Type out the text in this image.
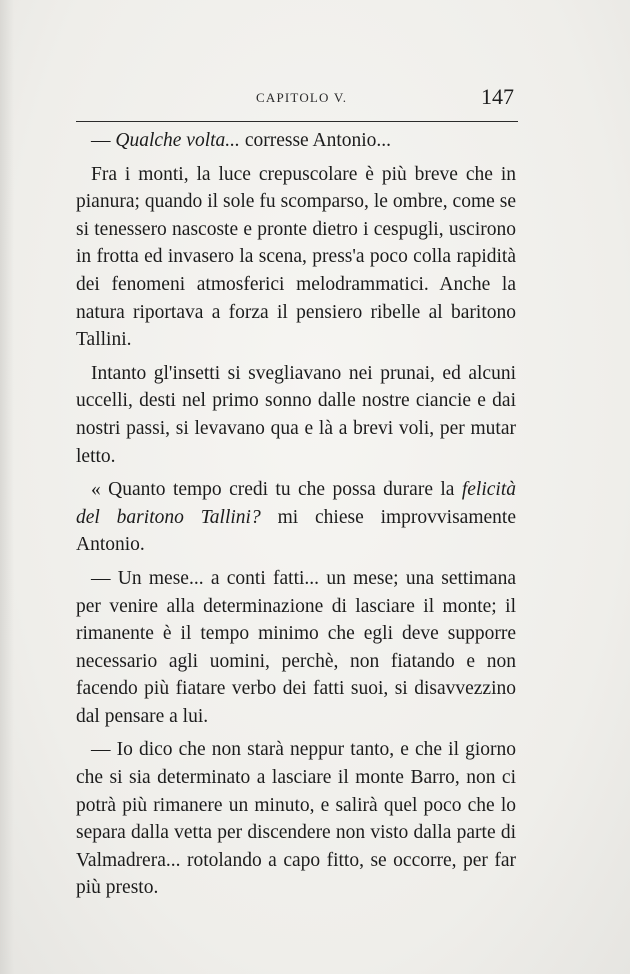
CAPITOLO V.	147

— Qualche volta... corresse Antonio...

Fra i monti, la luce crepuscolare è più breve che in pianura; quando il sole fu scomparso, le ombre, come se si tenessero nascoste e pronte dietro i cespugli, uscirono in frotta ed invasero la scena, press'a poco colla rapidità dei fenomeni atmosferici melodrammatici. Anche la natura riportava a forza il pensiero ribelle al baritono Tallini.

Intanto gl'insetti si svegliavano nei prunai, ed alcuni uccelli, desti nel primo sonno dalle nostre ciancie e dai nostri passi, si levavano qua e là a brevi voli, per mutar letto.

« Quanto tempo credi tu che possa durare la felicità del baritono Tallini? mi chiese improvvisamente Antonio.

— Un mese... a conti fatti... un mese; una settimana per venire alla determinazione di lasciare il monte; il rimanente è il tempo minimo che egli deve supporre necessario agli uomini, perchè, non fiatando e non facendo più fiatare verbo dei fatti suoi, si disavvezzino dal pensare a lui.

— Io dico che non starà neppur tanto, e che il giorno che si sia determinato a lasciare il monte Barro, non ci potrà più rimanere un minuto, e salirà quel poco che lo separa dalla vetta per discendere non visto dalla parte di Valmadrera... rotolando a capo fitto, se occorre, per far più presto.
